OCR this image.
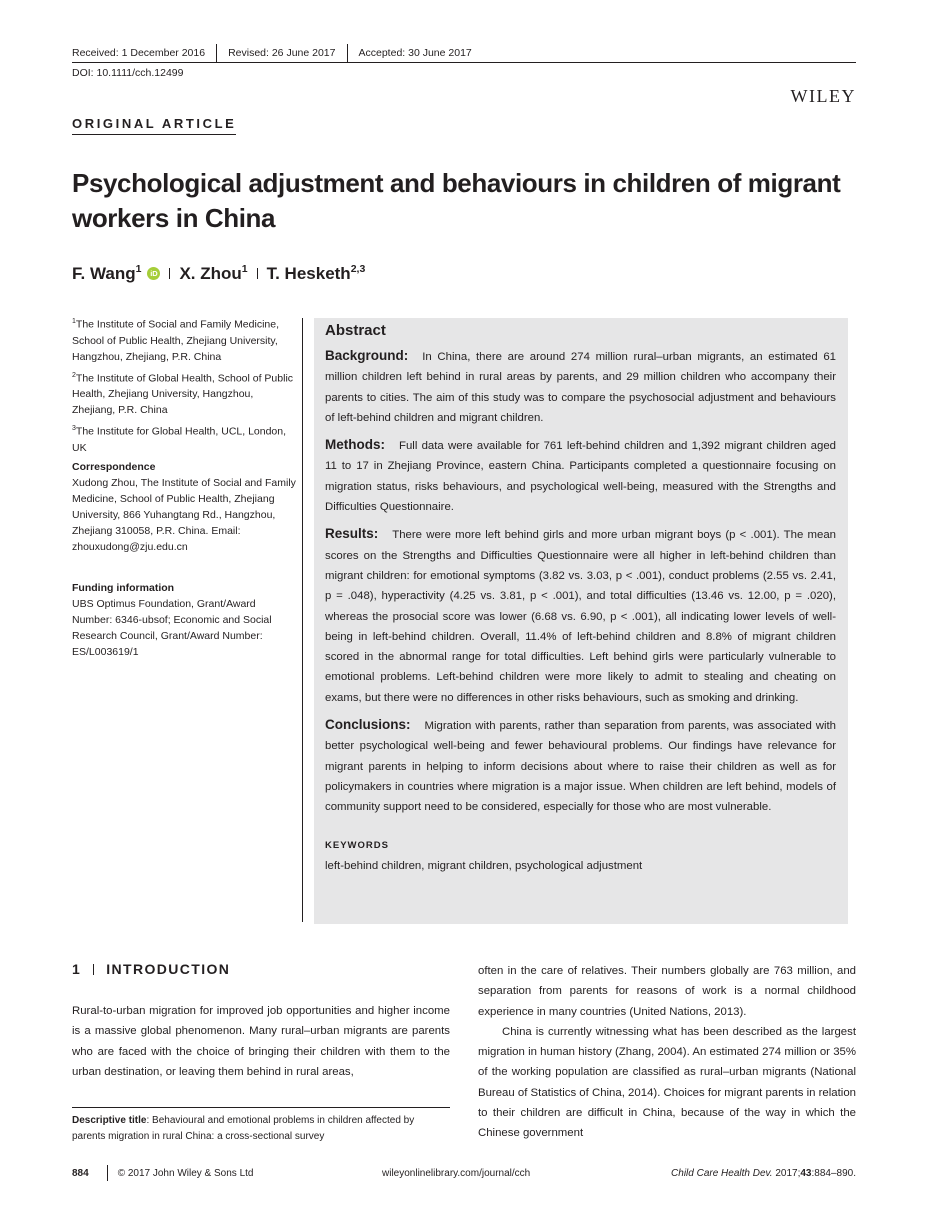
Received: 1 December 2016	Revised: 26 June 2017	Accepted: 30 June 2017
DOI: 10.1111/cch.12499
WILEY
ORIGINAL ARTICLE
Psychological adjustment and behaviours in children of migrant workers in China
F. Wang$^1$	iD X. Zhou$^1$ T. Hesketh$^{2,3}$

$^1$The Institute of Social and Family Medicine, School of Public Health, Zhejiang University, Hangzhou, Zhejiang, P.R. China

$^2$The Institute of Global Health, School of Public Health, Zhejiang University, Hangzhou, Zhejiang, P.R. China

$^3$The Institute for Global Health, UCL, London, UK

Correspondence

Xudong Zhou, The Institute of Social and Family Medicine, School of Public Health, Zhejiang University, 866 Yuhangtang Rd., Hangzhou, Zhejiang 310058, P.R. China. Email: zhouxudong@zju.edu.cn

Funding information

UBS Optimus Foundation, Grant/Award Number: 6346-ubsof; Economic and Social Research Council, Grant/Award Number: ES/L003619/1

Abstract

Background: In China, there are around 274 million rural–urban migrants, an estimated 61 million children left behind in rural areas by parents, and 29 million children who accompany their parents to cities. The aim of this study was to compare the psychosocial adjustment and behaviours of left-behind children and migrant children.

Methods: Full data were available for 761 left-behind children and 1,392 migrant children aged 11 to 17 in Zhejiang Province, eastern China. Participants completed a questionnaire focusing on migration status, risks behaviours, and psychological well-being, measured with the Strengths and Difficulties Questionnaire.

Results: There were more left behind girls and more urban migrant boys (p < .001). The mean scores on the Strengths and Difficulties Questionnaire were all higher in left-behind children than migrant children: for emotional symptoms (3.82 vs. 3.03, p < .001), conduct problems (2.55 vs. 2.41, p = .048), hyperactivity (4.25 vs. 3.81, p < .001), and total difficulties (13.46 vs. 12.00, p = .020), whereas the prosocial score was lower (6.68 vs. 6.90, p < .001), all indicating lower levels of well-being in left-behind children. Overall, 11.4% of left-behind children and 8.8% of migrant children scored in the abnormal range for total difficulties. Left behind girls were particularly vulnerable to emotional problems. Left-behind children were more likely to admit to stealing and cheating on exams, but there were no differences in other risks behaviours, such as smoking and drinking.

Conclusions: Migration with parents, rather than separation from parents, was associated with better psychological well-being and fewer behavioural problems. Our findings have relevance for migrant parents in helping to inform decisions about where to raise their children as well as for policymakers in countries where migration is a major issue. When children are left behind, models of community support need to be considered, especially for those who are most vulnerable.

KEYWORDS
left-behind children, migrant children, psychological adjustment
1 INTRODUCTION

Rural-to-urban migration for improved job opportunities and higher income is a massive global phenomenon. Many rural–urban migrants are parents who are faced with the choice of bringing their children with them to the urban destination, or leaving them behind in rural areas,

often in the care of relatives. Their numbers globally are 763 million, and separation from parents for reasons of work is a normal childhood experience in many countries (United Nations, 2013).

China is currently witnessing what has been described as the largest migration in human history (Zhang, 2004). An estimated 274 million or 35% of the working population are classified as rural–urban migrants (National Bureau of Statistics of China, 2014). Choices for migrant parents in relation to their children are difficult in China, because of the way in which the Chinese government

Descriptive title: Behavioural and emotional problems in children affected by parents migration in rural China: a cross-sectional survey
884	© 2017 John Wiley & Sons Ltd	wileyonlinelibrary.com/journal/cch	Child Care Health Dev. 2017;43:884–890.
